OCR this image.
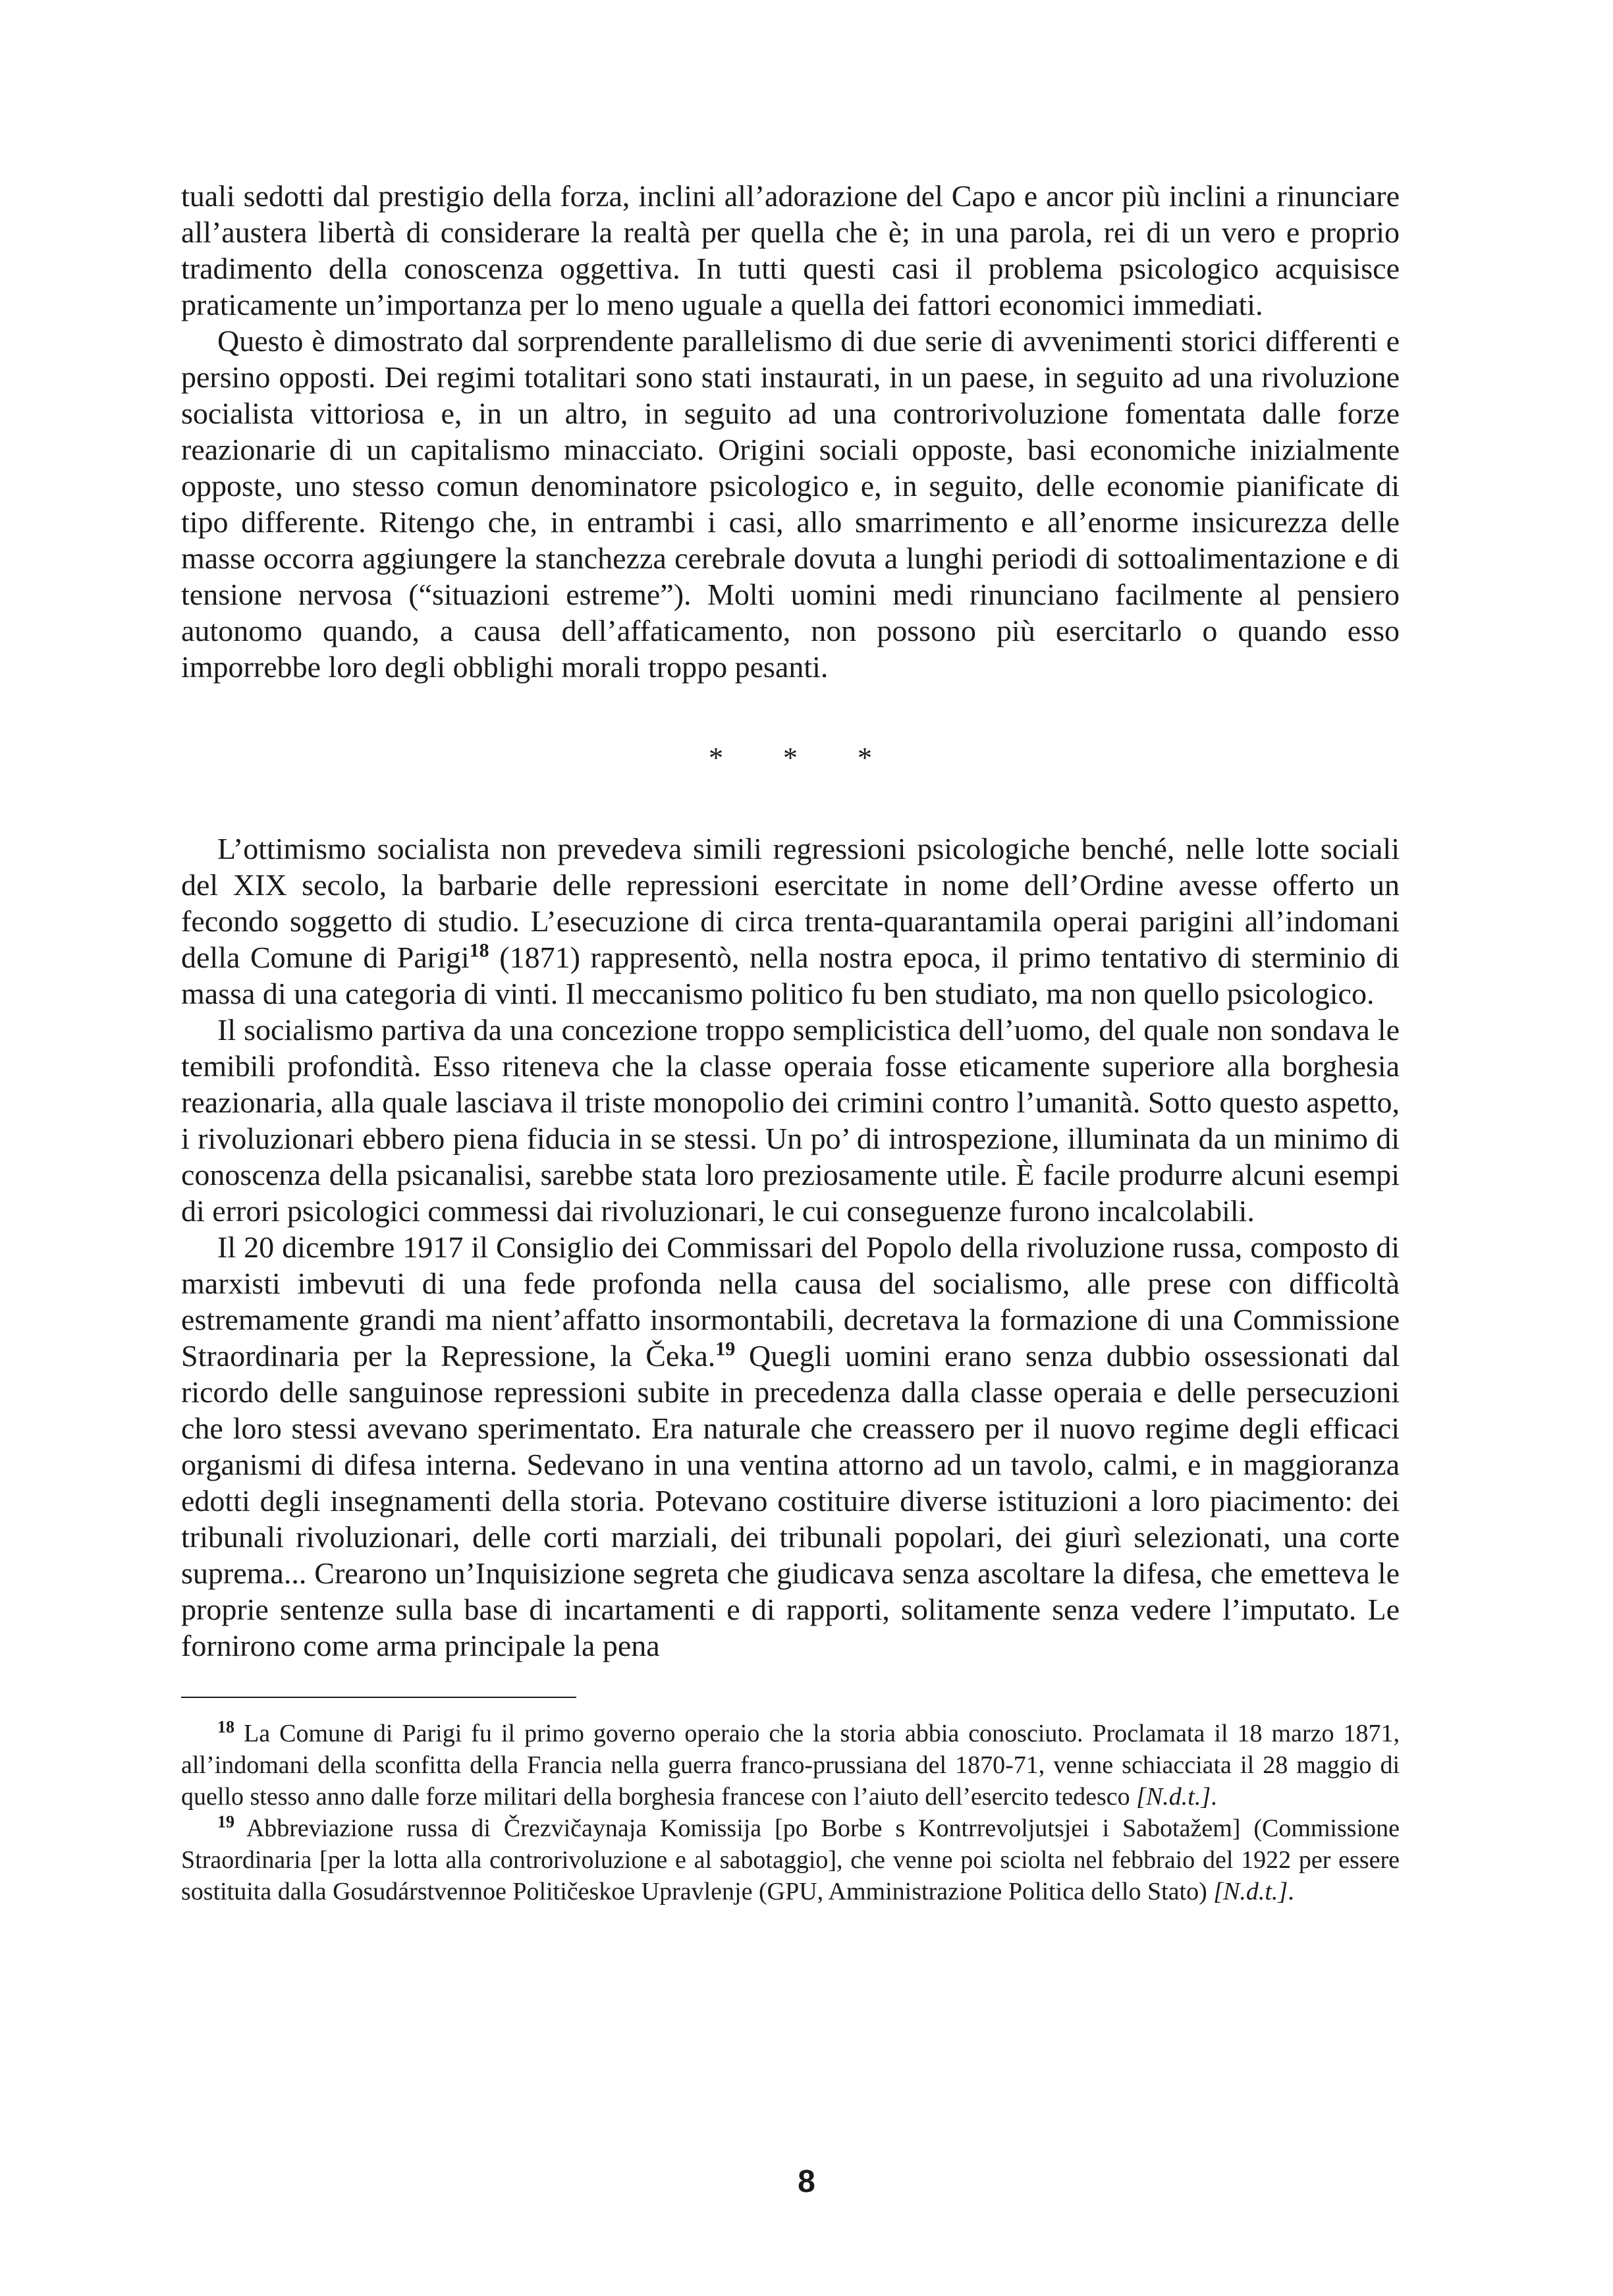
tuali sedotti dal prestigio della forza, inclini all’adorazione del Capo e ancor più inclini a rinunciare all’austera libertà di considerare la realtà per quella che è; in una parola, rei di un vero e proprio tradimento della conoscenza oggettiva. In tutti questi casi il problema psicologico acquisisce praticamente un’importanza per lo meno uguale a quella dei fattori economici immediati.

Questo è dimostrato dal sorprendente parallelismo di due serie di avvenimenti storici differenti e persino opposti. Dei regimi totalitari sono stati instaurati, in un paese, in seguito ad una rivoluzione socialista vittoriosa e, in un altro, in seguito ad una controrivoluzione fomentata dalle forze reazionarie di un capitalismo minacciato. Origini sociali opposte, basi economiche inizialmente opposte, uno stesso comun denominatore psicologico e, in seguito, delle economie pianificate di tipo differente. Ritengo che, in entrambi i casi, allo smarrimento e all’enorme insicurezza delle masse occorra aggiungere la stanchezza cerebrale dovuta a lunghi periodi di sottoalimentazione e di tensione nervosa (“situazioni estreme”). Molti uomini medi rinunciano facilmente al pensiero autonomo quando, a causa dell’affaticamento, non possono più esercitarlo o quando esso imporrebbe loro degli obblighi morali troppo pesanti.

* * *

L’ottimismo socialista non prevedeva simili regressioni psicologiche benché, nelle lotte sociali del XIX secolo, la barbarie delle repressioni esercitate in nome dell’Ordine avesse offerto un fecondo soggetto di studio. L’esecuzione di circa trenta-quarantamila operai parigini all’indomani della Comune di Parigi$^{18}$ (1871) rappresentò, nella nostra epoca, il primo tentativo di sterminio di massa di una categoria di vinti. Il meccanismo politico fu ben studiato, ma non quello psicologico.

Il socialismo partiva da una concezione troppo semplicistica dell’uomo, del quale non sondava le temibili profondità. Esso riteneva che la classe operaia fosse eticamente superiore alla borghesia reazionaria, alla quale lasciava il triste monopolio dei crimini contro l’umanità. Sotto questo aspetto, i rivoluzionari ebbero piena fiducia in se stessi. Un po’ di introspezione, illuminata da un minimo di conoscenza della psicanalisi, sarebbe stata loro preziosamente utile. È facile produrre alcuni esempi di errori psicologici commessi dai rivoluzionari, le cui conseguenze furono incalcolabili.

Il 20 dicembre 1917 il Consiglio dei Commissari del Popolo della rivoluzione russa, composto di marxisti imbevuti di una fede profonda nella causa del socialismo, alle prese con difficoltà estremamente grandi ma nient’affatto insormontabili, decretava la formazione di una Commissione Straordinaria per la Repressione, la Čeka.$^{19}$ Quegli uomini erano senza dubbio ossessionati dal ricordo delle sanguinose repressioni subite in precedenza dalla classe operaia e delle persecuzioni che loro stessi avevano sperimentato. Era naturale che creassero per il nuovo regime degli efficaci organismi di difesa interna. Sedevano in una ventina attorno ad un tavolo, calmi, e in maggioranza edotti degli insegnamenti della storia. Potevano costituire diverse istituzioni a loro piacimento: dei tribunali rivoluzionari, delle corti marziali, dei tribunali popolari, dei giurì selezionati, una corte suprema... Crearono un’Inquisizione segreta che giudicava senza ascoltare la difesa, che emetteva le proprie sentenze sulla base di incartamenti e di rapporti, solitamente senza vedere l’imputato. Le fornirono come arma principale la pena

$^{18}$ La Comune di Parigi fu il primo governo operaio che la storia abbia conosciuto. Proclamata il 18 marzo 1871, all’indomani della sconfitta della Francia nella guerra franco-prussiana del 1870-71, venne schiacciata il 28 maggio di quello stesso anno dalle forze militari della borghesia francese con l’aiuto dell’esercito tedesco [N.d.t.].

$^{19}$ Abbreviazione russa di Črezvičaynaja Komissija [po Borbe s Kontrrevoljutsjei i Sabotažem] (Commissione Straordinaria [per la lotta alla controrivoluzione e al sabotaggio], che venne poi sciolta nel febbraio del 1922 per essere sostituita dalla Gosudárstvennoe Političeskoe Upravlenje (GPU, Amministrazione Politica dello Stato) [N.d.t.].

8
